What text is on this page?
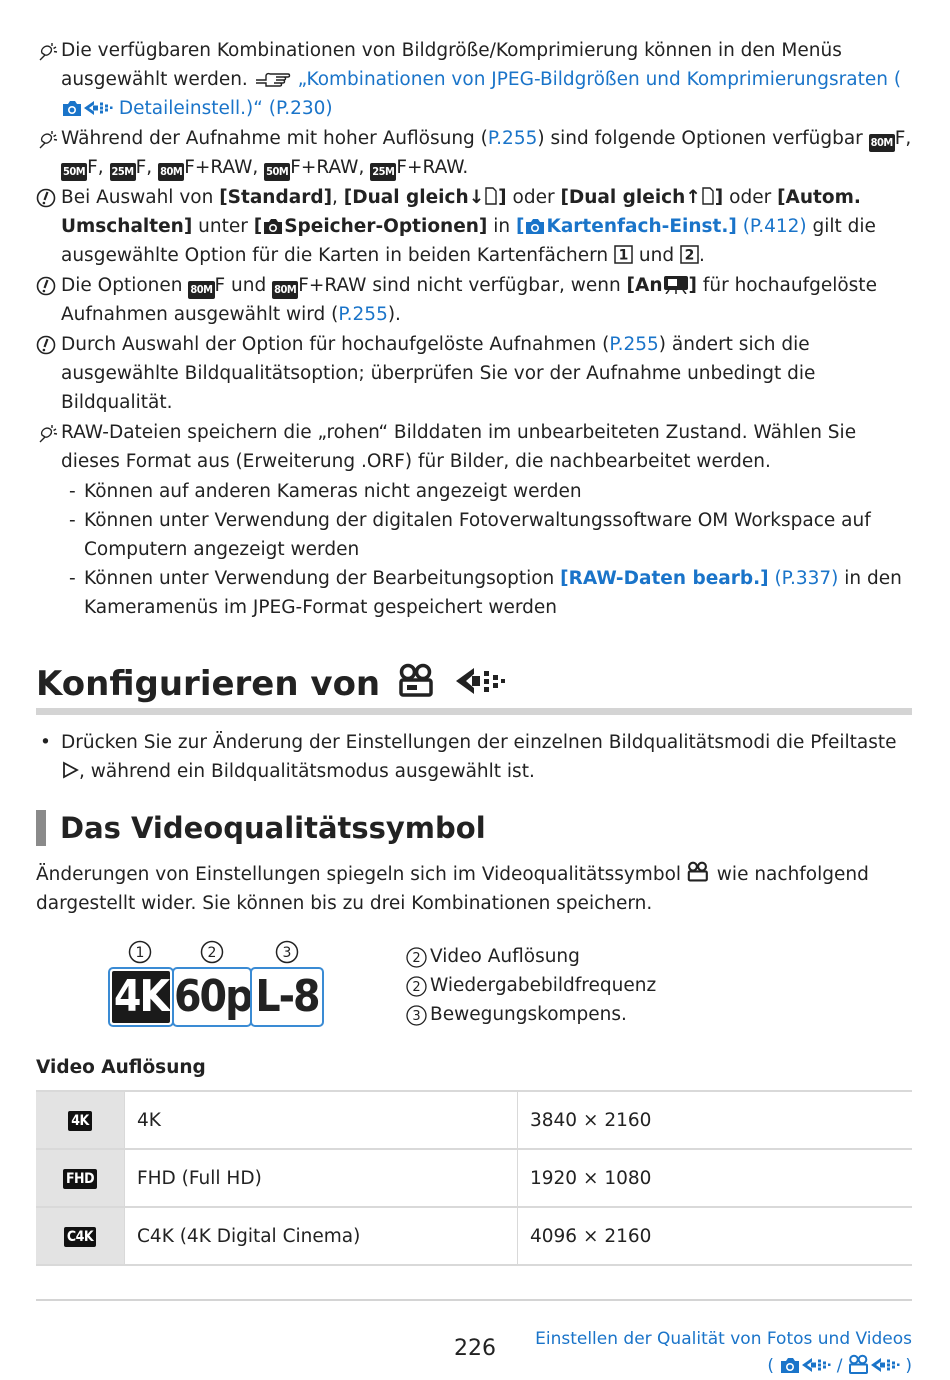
Die verfügbaren Kombinationen von Bildgröße/Komprimierung können in den Menüs ausgewählt werden.  „Kombinationen von JPEG-Bildgrößen und Komprimierungsraten ( Detaileinstell.)“ (P.230)
Während der Aufnahme mit hoher Auflösung (P.255) sind folgende Optionen verfügbar 80M F, 50M F, 25M F, 80M F+RAW, 50M F+RAW, 25M F+RAW.
Bei Auswahl von [Standard], [Dual gleich↓ ] oder [Dual gleich↑ ] oder [Autom. Umschalten] unter [ Speicher-Optionen] in [ Kartenfach-Einst.] (P.412) gilt die ausgewählte Option für die Karten in beiden Kartenfächern 1 und 2 .
Die Optionen 80M F und 80M F+RAW sind nicht verfügbar, wenn [An ] für hochaufgelöste Aufnahmen ausgewählt wird (P.255).
Durch Auswahl der Option für hochaufgelöste Aufnahmen (P.255) ändert sich die ausgewählte Bildqualitätsoption; überprüfen Sie vor der Aufnahme unbedingt die Bildqualität.
RAW-Dateien speichern die „rohen“ Bilddaten im unbearbeiteten Zustand. Wählen Sie dieses Format aus (Erweiterung .ORF) für Bilder, die nachbearbeitet werden.
- Können auf anderen Kameras nicht angezeigt werden
- Können unter Verwendung der digitalen Fotoverwaltungssoftware OM Workspace auf Computern angezeigt werden
- Können unter Verwendung der Bearbeitungsoption [RAW-Daten bearb.] (P.337) in den Kameramenüs im JPEG-Format gespeichert werden
Konfigurieren von
• Drücken Sie zur Änderung der Einstellungen der einzelnen Bildqualitätsmodi die Pfeiltaste , während ein Bildqualitätsmodus ausgewählt ist.
Das Videoqualitätssymbol
Änderungen von Einstellungen spiegeln sich im Videoqualitätssymbol  wie nachfolgend dargestellt wider. Sie können bis zu drei Kombinationen speichern.
1	2	3
4K 60p L-8
2 Video Auflösung
2 Wiedergabebildfrequenz
3 Bewegungskompens.
Video Auflösung
4K	4K	3840 × 2160
FHD	FHD (Full HD)	1920 × 1080
C4K	C4K (4K Digital Cinema)	4096 × 2160
226 Einstellen der Qualität von Fotos und Videos
(	/	)
